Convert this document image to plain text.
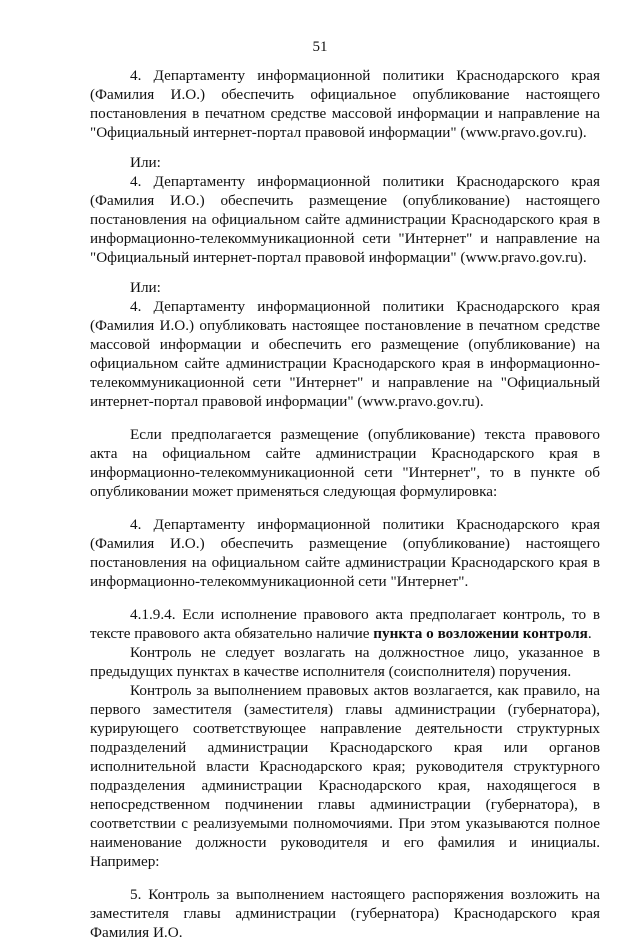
51

4. Департаменту информационной политики Краснодарского края (Фамилия И.О.) обеспечить официальное опубликование настоящего постановления в печатном средстве массовой информации и направление на "Официальный интернет-портал правовой информации" (www.pravo.gov.ru).

Или:

4. Департаменту информационной политики Краснодарского края (Фамилия И.О.) обеспечить размещение (опубликование) настоящего постановления на официальном сайте администрации Краснодарского края в информационно-телекоммуникационной сети "Интернет" и направление на "Официальный интернет-портал правовой информации" (www.pravo.gov.ru).

Или:

4. Департаменту информационной политики Краснодарского края (Фамилия И.О.) опубликовать настоящее постановление в печатном средстве массовой информации и обеспечить его размещение (опубликование) на официальном сайте администрации Краснодарского края в информационно-телекоммуникационной сети "Интернет" и направление на "Официальный интернет-портал правовой информации" (www.pravo.gov.ru).

Если предполагается размещение (опубликование) текста правового акта на официальном сайте администрации Краснодарского края в информационно-телекоммуникационной сети "Интернет", то в пункте об опубликовании может применяться следующая формулировка:

4. Департаменту информационной политики Краснодарского края (Фамилия И.О.) обеспечить размещение (опубликование) настоящего постановления на официальном сайте администрации Краснодарского края в информационно-телекоммуникационной сети "Интернет".

4.1.9.4. Если исполнение правового акта предполагает контроль, то в тексте правового акта обязательно наличие пункта о возложении контроля.

Контроль не следует возлагать на должностное лицо, указанное в предыдущих пунктах в качестве исполнителя (соисполнителя) поручения.

Контроль за выполнением правовых актов возлагается, как правило, на первого заместителя (заместителя) главы администрации (губернатора), курирующего соответствующее направление деятельности структурных подразделений администрации Краснодарского края или органов исполнительной власти Краснодарского края; руководителя структурного подразделения администрации Краснодарского края, находящегося в непосредственном подчинении главы администрации (губернатора), в соответствии с реализуемыми полномочиями. При этом указываются полное наименование должности руководителя и его фамилия и инициалы. Например:

5. Контроль за выполнением настоящего распоряжения возложить на заместителя главы администрации (губернатора) Краснодарского края Фамилия И.О.
